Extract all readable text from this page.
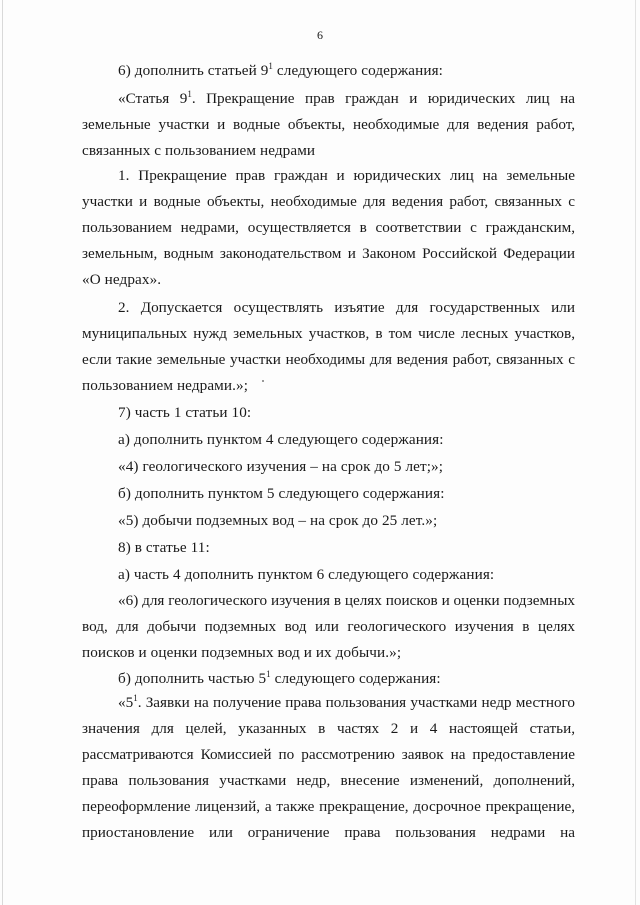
6
6) дополнить статьей $9^1$ следующего содержания:
«Статья $9^1$. Прекращение прав граждан и юридических лиц на
земельные участки и водные объекты, необходимые для ведения работ,
связанных с пользованием недрами
1. Прекращение прав граждан и юридических лиц на земельные
участки и водные объекты, необходимые для ведения работ, связанных с
пользованием недрами, осуществляется в соответствии с гражданским,
земельным, водным законодательством и Законом Российской Федерации
«О недрах».
2. Допускается осуществлять изъятие для государственных или
муниципальных нужд земельных участков, в том числе лесных участков,
если такие земельные участки необходимы для ведения работ, связанных с
пользованием недрами.»;
7) часть 1 статьи 10:
а) дополнить пунктом 4 следующего содержания:
«4) геологического изучения – на срок до 5 лет;»;
б) дополнить пунктом 5 следующего содержания:
«5) добычи подземных вод – на срок до 25 лет.»;
8) в статье 11:
а) часть 4 дополнить пунктом 6 следующего содержания:
«6) для геологического изучения в целях поисков и оценки подземных
вод, для добычи подземных вод или геологического изучения в целях
поисков и оценки подземных вод и их добычи.»;
б) дополнить частью $5^1$ следующего содержания:
«$5^1$. Заявки на получение права пользования участками недр местного
значения для целей, указанных в частях 2 и 4 настоящей статьи,
рассматриваются Комиссией по рассмотрению заявок на предоставление
права пользования участками недр, внесение изменений, дополнений,
переоформление лицензий, а также прекращение, досрочное прекращение,
приостановление или ограничение права пользования недрами на
